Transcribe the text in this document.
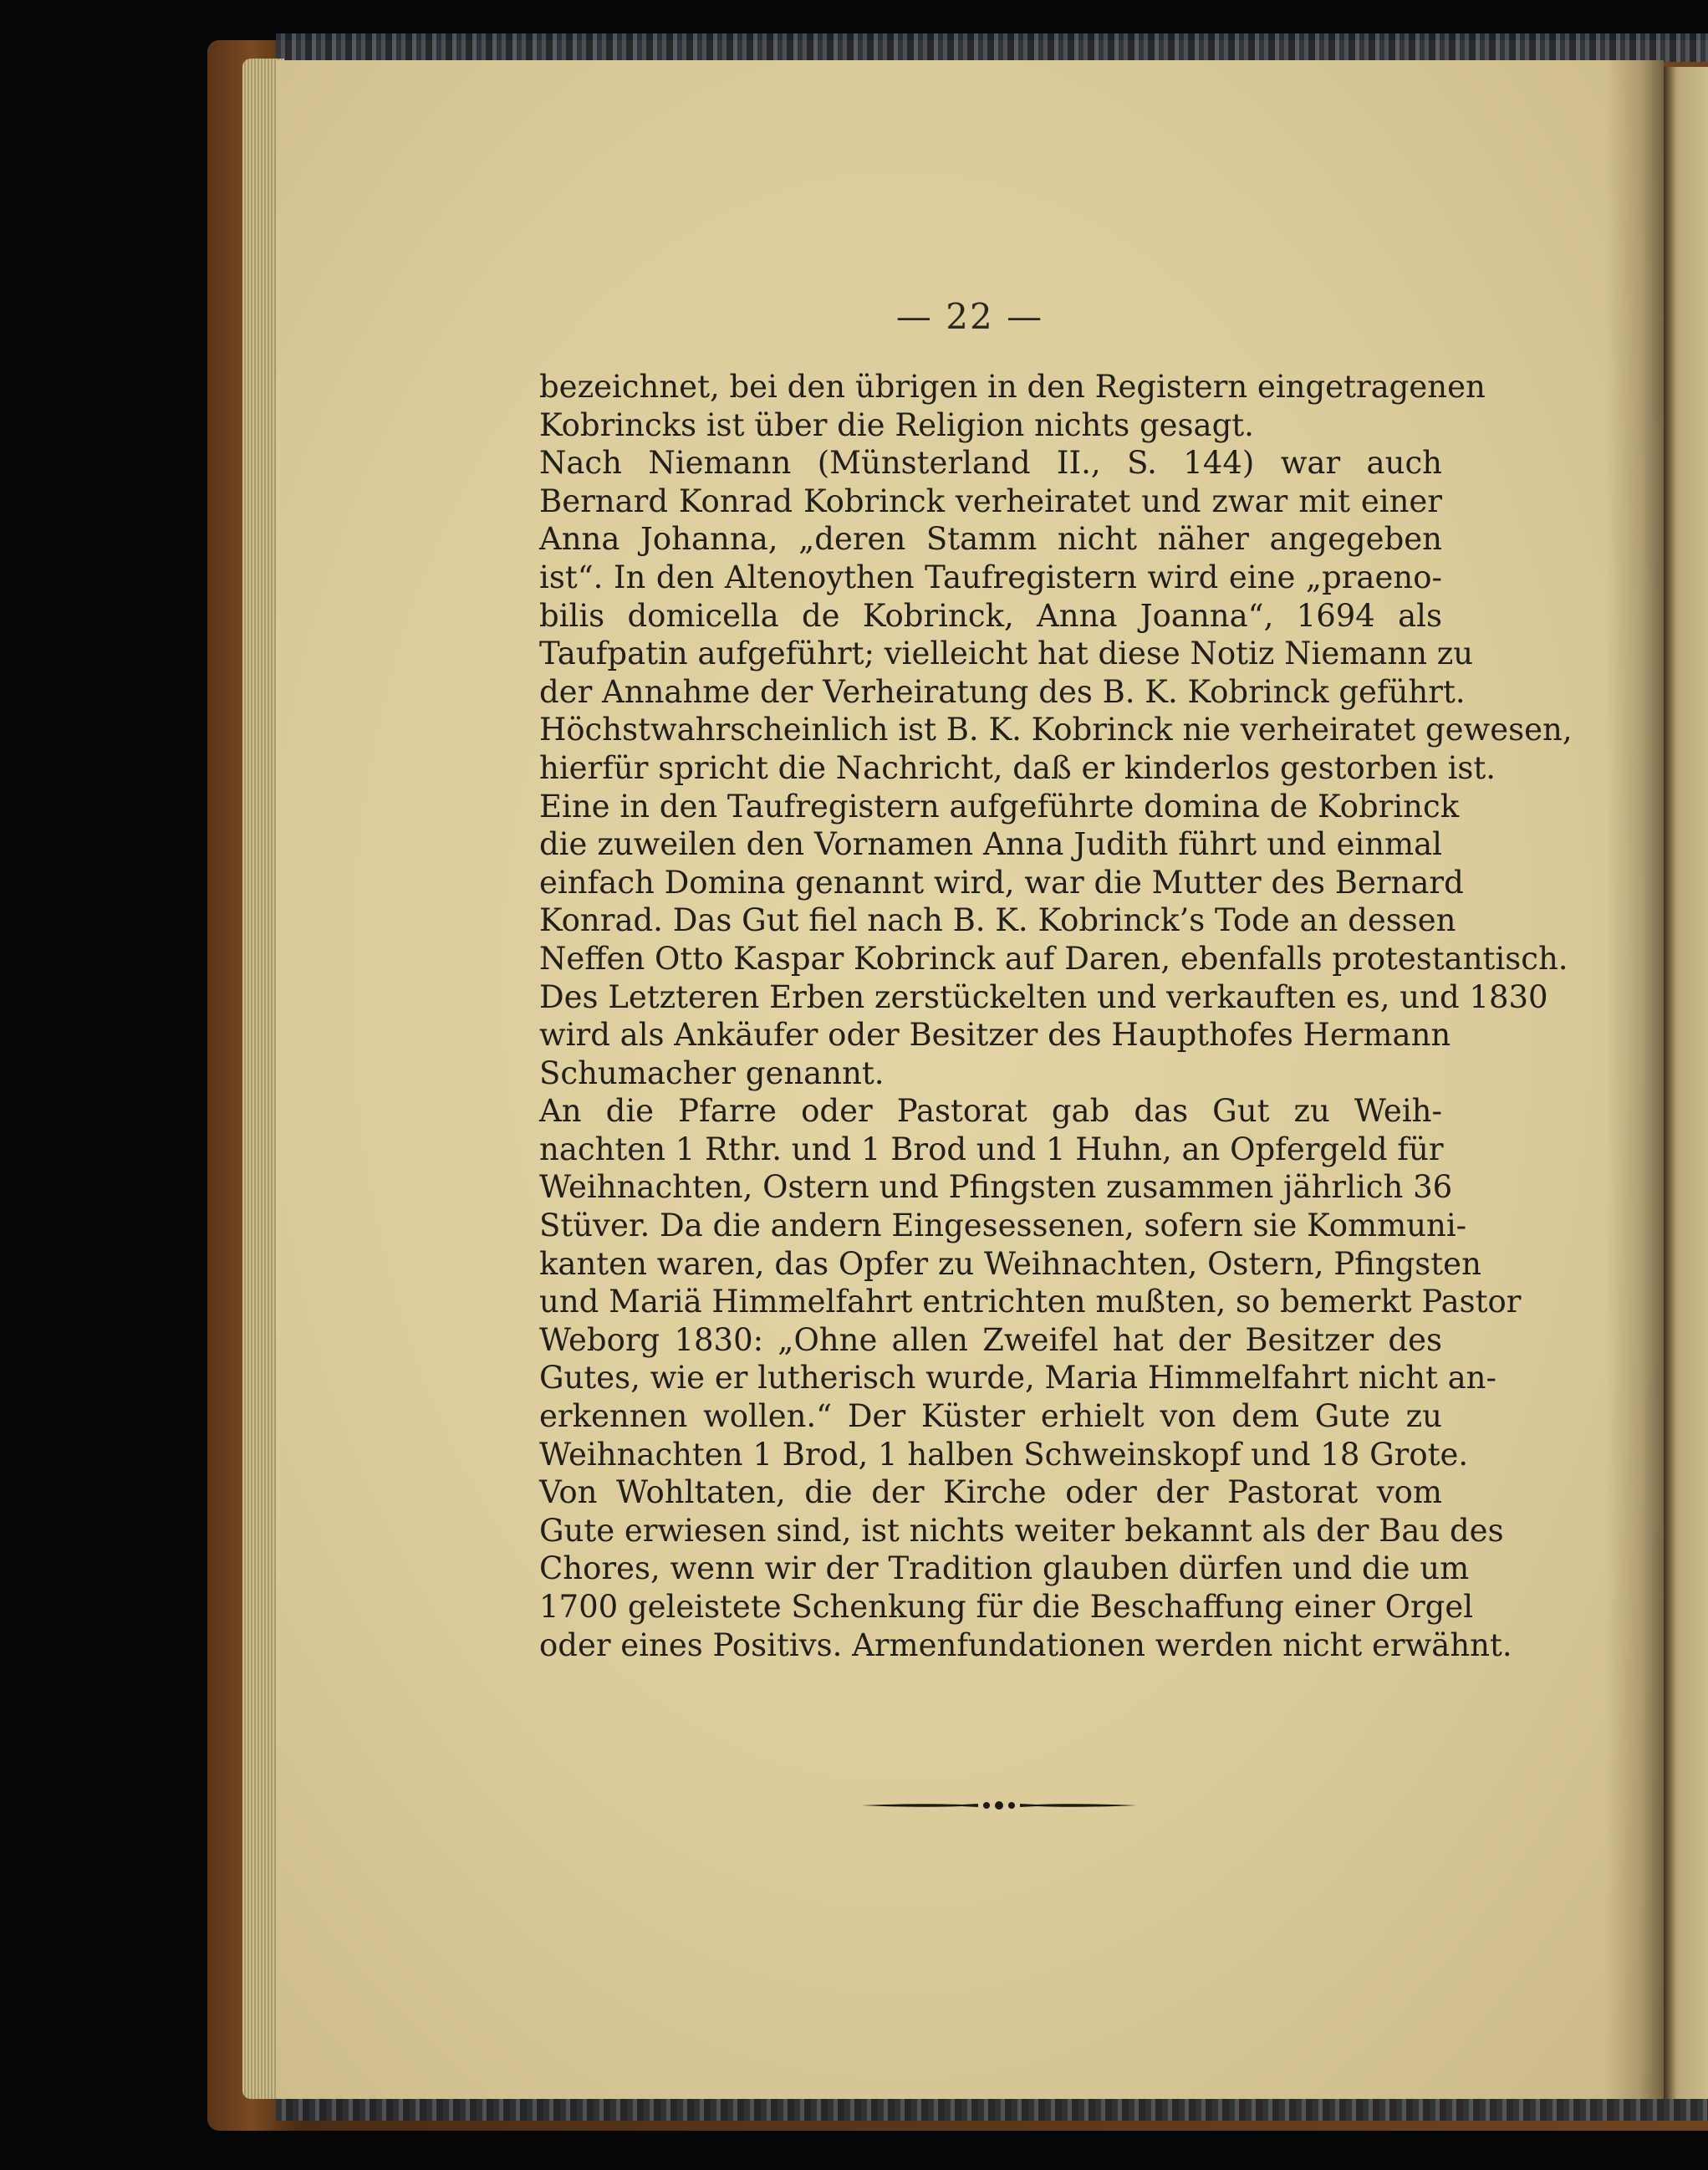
— 22 —
bezeichnet, bei den übrigen in den Registern eingetragenen
Kobrincks ist über die Religion nichts gesagt.
Nach Niemann (Münsterland II., S. 144) war auch
Bernard Konrad Kobrinck verheiratet und zwar mit einer
Anna Johanna, „deren Stamm nicht näher angegeben
ist“. In den Altenoythen Taufregistern wird eine „praeno-
bilis domicella de Kobrinck, Anna Joanna“, 1694 als
Taufpatin aufgeführt; vielleicht hat diese Notiz Niemann zu
der Annahme der Verheiratung des B. K. Kobrinck geführt.
Höchstwahrscheinlich ist B. K. Kobrinck nie verheiratet gewesen,
hierfür spricht die Nachricht, daß er kinderlos gestorben ist.
Eine in den Taufregistern aufgeführte domina de Kobrinck
die zuweilen den Vornamen Anna Judith führt und einmal
einfach Domina genannt wird, war die Mutter des Bernard
Konrad. Das Gut fiel nach B. K. Kobrinck’s Tode an dessen
Neffen Otto Kaspar Kobrinck auf Daren, ebenfalls protestantisch.
Des Letzteren Erben zerstückelten und verkauften es, und 1830
wird als Ankäufer oder Besitzer des Haupthofes Hermann
Schumacher genannt.
An die Pfarre oder Pastorat gab das Gut zu Weih-
nachten 1 Rthr. und 1 Brod und 1 Huhn, an Opfergeld für
Weihnachten, Ostern und Pfingsten zusammen jährlich 36
Stüver. Da die andern Eingesessenen, sofern sie Kommuni-
kanten waren, das Opfer zu Weihnachten, Ostern, Pfingsten
und Mariä Himmelfahrt entrichten mußten, so bemerkt Pastor
Weborg 1830: „Ohne allen Zweifel hat der Besitzer des
Gutes, wie er lutherisch wurde, Maria Himmelfahrt nicht an-
erkennen wollen.“ Der Küster erhielt von dem Gute zu
Weihnachten 1 Brod, 1 halben Schweinskopf und 18 Grote.
Von Wohltaten, die der Kirche oder der Pastorat vom
Gute erwiesen sind, ist nichts weiter bekannt als der Bau des
Chores, wenn wir der Tradition glauben dürfen und die um
1700 geleistete Schenkung für die Beschaffung einer Orgel
oder eines Positivs. Armenfundationen werden nicht erwähnt.
